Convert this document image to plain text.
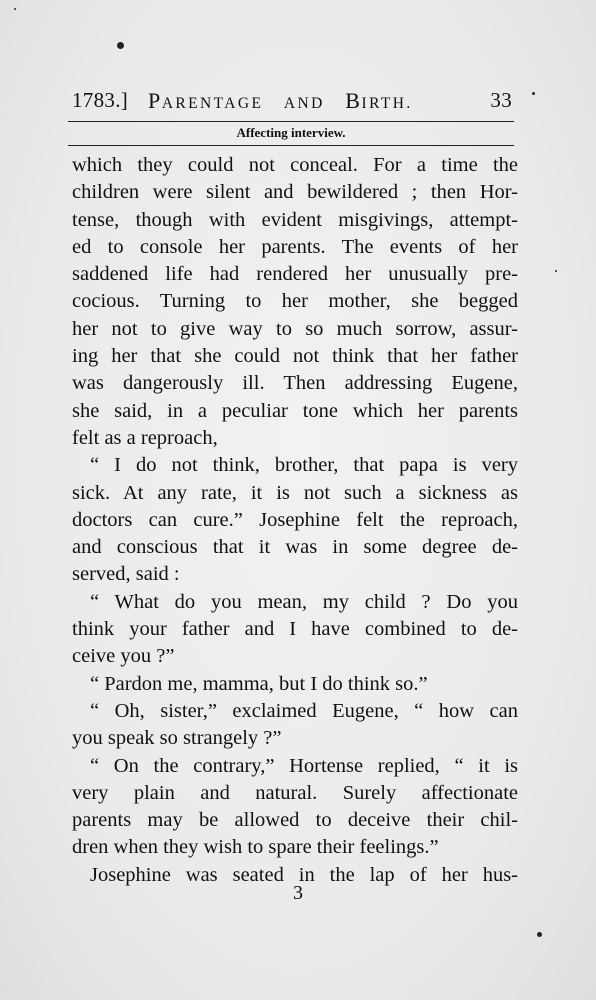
1783.] PARENTAGE AND BIRTH.	33
Affecting interview.
which they could not conceal. For a time the
children were silent and bewildered ; then Hor-
tense, though with evident misgivings, attempt-
ed to console her parents. The events of her
saddened life had rendered her unusually pre-
cocious. Turning to her mother, she begged
her not to give way to so much sorrow, assur-
ing her that she could not think that her father
was dangerously ill. Then addressing Eugene,
she said, in a peculiar tone which her parents
felt as a reproach,
“ I do not think, brother, that papa is very
sick. At any rate, it is not such a sickness as
doctors can cure.” Josephine felt the reproach,
and conscious that it was in some degree de-
served, said :
“ What do you mean, my child ? Do you
think your father and I have combined to de-
ceive you ?”
“ Pardon me, mamma, but I do think so.”
“ Oh, sister,” exclaimed Eugene, “ how can
you speak so strangely ?”
“ On the contrary,” Hortense replied, “ it is
very plain and natural. Surely affectionate
parents may be allowed to deceive their chil-
dren when they wish to spare their feelings.”
Josephine was seated in the lap of her hus-
3
